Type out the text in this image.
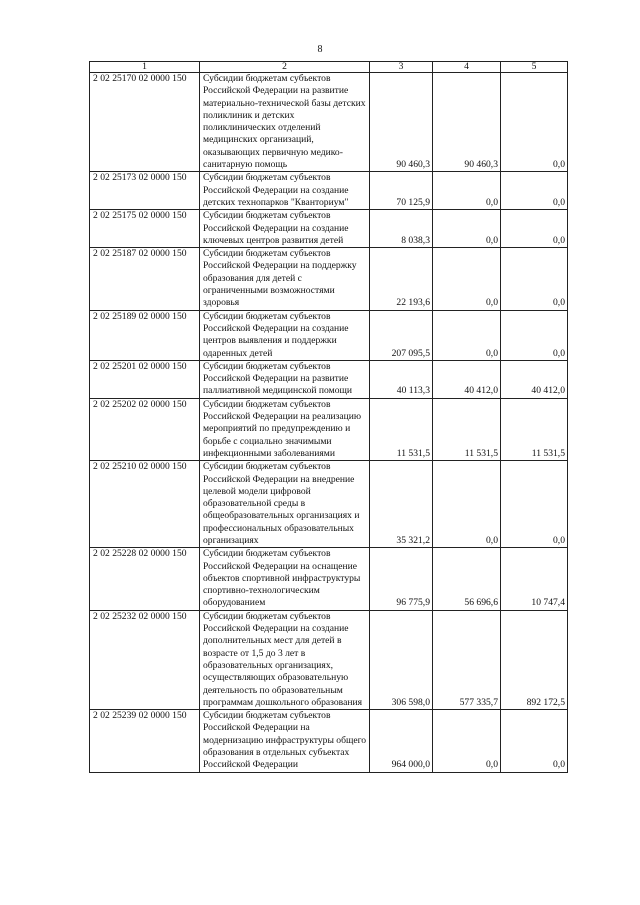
8
1	2	3	4	5
2 02 25170 02 0000 150	Субсидии бюджетам субъектов Российской Федерации на развитие материально-технической базы детских поликлиник и детских поликлинических отделений медицинских организаций, оказывающих первичную медико-санитарную помощь	90 460,3	90 460,3	0,0
2 02 25173 02 0000 150	Субсидии бюджетам субъектов Российской Федерации на создание детских технопарков "Кванториум"	70 125,9	0,0	0,0
2 02 25175 02 0000 150	Субсидии бюджетам субъектов Российской Федерации на создание ключевых центров развития детей	8 038,3	0,0	0,0
2 02 25187 02 0000 150	Субсидии бюджетам субъектов Российской Федерации на поддержку образования для детей с ограниченными возможностями здоровья	22 193,6	0,0	0,0
2 02 25189 02 0000 150	Субсидии бюджетам субъектов Российской Федерации на создание центров выявления и поддержки одаренных детей	207 095,5	0,0	0,0
2 02 25201 02 0000 150	Субсидии бюджетам субъектов Российской Федерации на развитие паллиативной медицинской помощи	40 113,3	40 412,0	40 412,0
2 02 25202 02 0000 150	Субсидии бюджетам субъектов Российской Федерации на реализацию мероприятий по предупреждению и борьбе с социально значимыми инфекционными заболеваниями	11 531,5	11 531,5	11 531,5
2 02 25210 02 0000 150	Субсидии бюджетам субъектов Российской Федерации на внедрение целевой модели цифровой образовательной среды в общеобразовательных организациях и профессиональных образовательных организациях	35 321,2	0,0	0,0
2 02 25228 02 0000 150	Субсидии бюджетам субъектов Российской Федерации на оснащение объектов спортивной инфраструктуры спортивно-технологическим оборудованием	96 775,9	56 696,6	10 747,4
2 02 25232 02 0000 150	Субсидии бюджетам субъектов Российской Федерации на создание дополнительных мест для детей в возрасте от 1,5 до 3 лет в образовательных организациях, осуществляющих образовательную деятельность по образовательным программам дошкольного образования	306 598,0	577 335,7	892 172,5
2 02 25239 02 0000 150	Субсидии бюджетам субъектов Российской Федерации на модернизацию инфраструктуры общего образования в отдельных субъектах Российской Федерации	964 000,0	0,0	0,0
